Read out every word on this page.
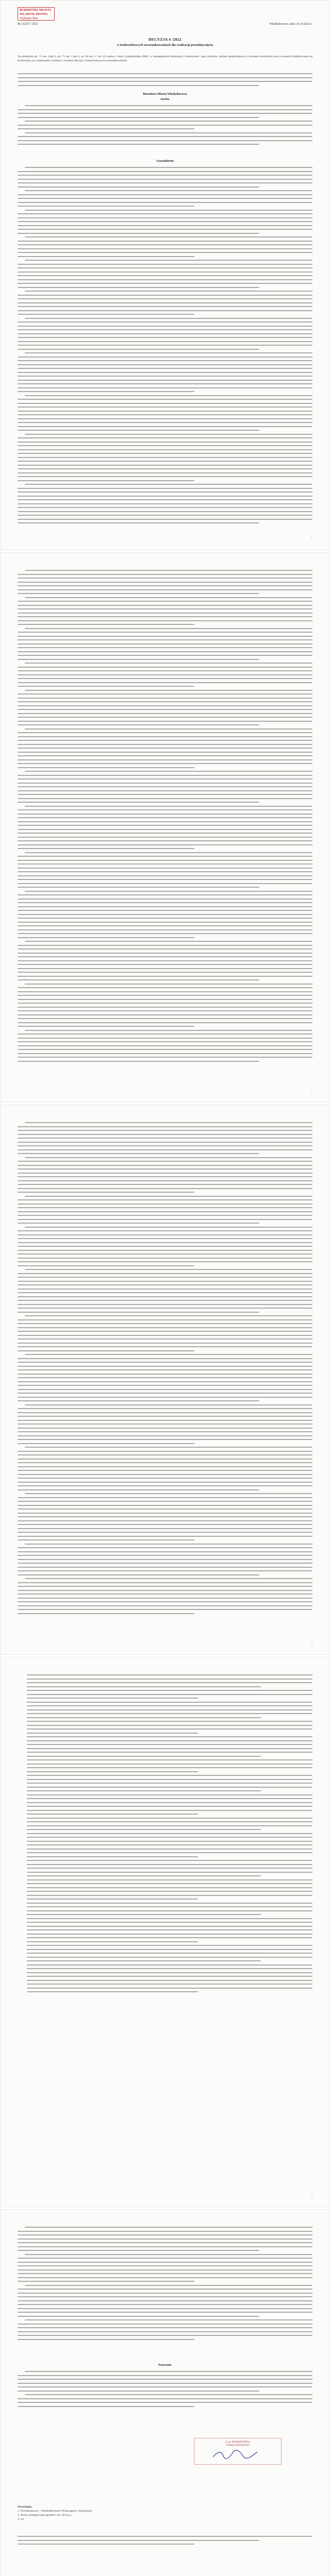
BURMISTRZ MIASTA WŁADYSŁAWOWA
Wpłynęło dnia
RG.6220.7.2022	Władysławowo, dnia 24.10.2022 r.
DECYZJA 4 /2022
o środowiskowych uwarunkowaniach dla realizacji przedsięwzięcia
Na podstawie art. 71 ust. 2 pkt 2, art. 75 ust. 1 pkt 4, art. 84 ust. 1 i art. 85 ustawy z dnia 3 października 2008 r. o udostępnianiu informacji o środowisku i jego ochronie, udziale społeczeństwa w ochronie środowiska oraz o ocenach oddziaływania na środowisko, po rozpatrzeniu wniosku o wydanie decyzji o środowiskowych uwarunkowaniach
Burmistrz Miasta Władysławowa
orzeka
Uzasadnienie
1
2
3
4
Pouczenie
Z up. BURMISTRZA
Zastępca Burmistrza
Otrzymują:
1. Wnioskodawca – Przedsiębiorstwo Wodociągów i Kanalizacji
2. Strony postępowania zgodnie z art. 49 k.p.a.
3. a/a
